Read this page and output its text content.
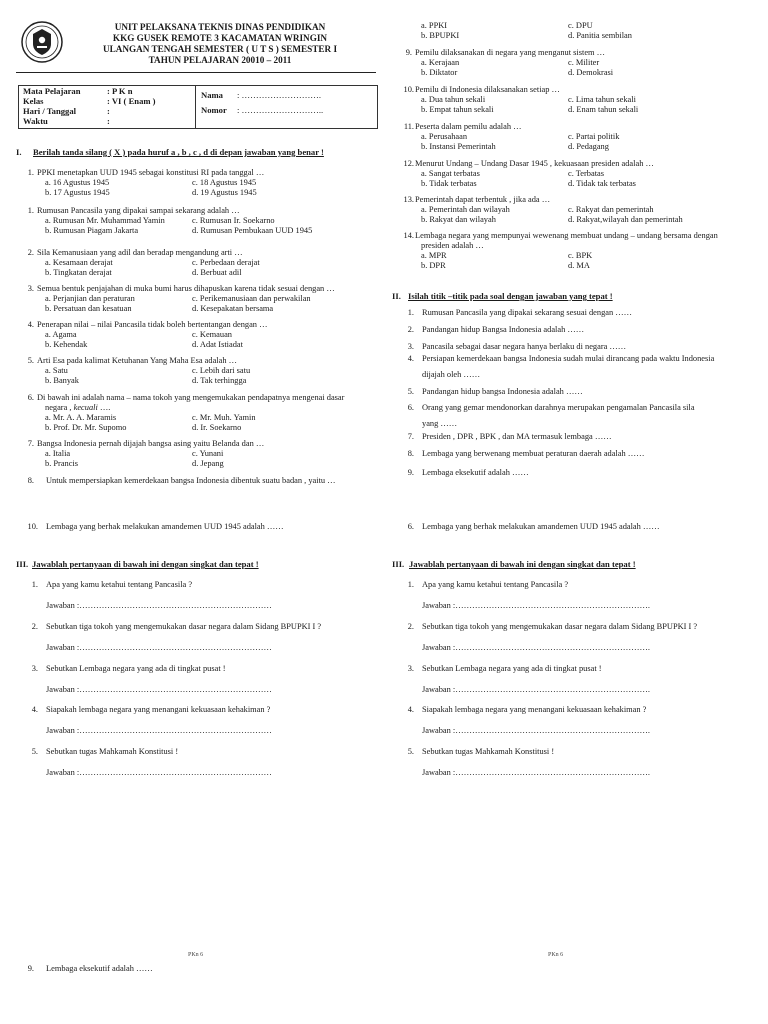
UNIT PELAKSANA TEKNIS DINAS PENDIDIKAN
KKG GUSEK REMOTE 3 KACAMATAN WRINGIN
ULANGAN TENGAH SEMESTER ( U T S ) SEMESTER I
TAHUN PELAJARAN 20010 – 2011
Mata Pelajaran	: P K n
Kelas	: VI ( Enam )
Hari / Tanggal	:
Waktu	:
Nama : ……………………….
Nomor : ………………………..
I. Berilah tanda silang ( X ) pada huruf a , b , c , d di depan jawaban yang benar !
1. PPKI menetapkan UUD 1945 sebagai konstitusi RI pada tanggal …
a. 16 Agustus 1945	c. 18 Agustus 1945
b. 17 Agustus 1945	d. 19 Agustus 1945
1. Rumusan Pancasila yang dipakai sampai sekarang adalah …
a. Rumusan Mr. Muhammad Yamin	c. Rumusan Ir. Soekarno
b. Rumusan Piagam Jakarta	d. Rumusan Pembukaan UUD 1945
2. Sila Kemanusiaan yang adil dan beradap mengandung arti …
a. Kesamaan derajat	c. Perbedaan derajat
b. Tingkatan derajat	d. Berbuat adil
3. Semua bentuk penjajahan di muka bumi harus dihapuskan karena tidak sesuai dengan …
a. Perjanjian dan peraturan	c. Perikemanusiaan dan perwakilan
b. Persatuan dan kesatuan	d. Kesepakatan bersama
4. Penerapan nilai – nilai Pancasila tidak boleh bertentangan dengan …
a. Agama	c. Kemauan
b. Kehendak	d. Adat Istiadat
5. Arti Esa pada kalimat Ketuhanan Yang Maha Esa adalah …
a. Satu	c. Lebih dari satu
b. Banyak	d. Tak terhingga
6. Di bawah ini adalah nama – nama tokoh yang mengemukakan pendapatnya mengenai dasar
negara , kecuali ….
a. Mr. A. A. Maramis	c. Mr. Muh. Yamin
b. Prof. Dr. Mr. Supomo	d. Ir. Soekarno
7. Bangsa Indonesia pernah dijajah bangsa asing yaitu Belanda dan …
a. Italia	c. Yunani
b. Prancis	d. Jepang
8. Untuk mempersiapkan kemerdekaan bangsa Indonesia dibentuk suatu badan , yaitu …
10. Lembaga yang berhak melakukan amandemen UUD 1945 adalah ……
III. Jawablah pertanyaan di bawah ini dengan singkat dan tepat !
1. Apa yang kamu ketahui tentang Pancasila ?
Jawaban :……………………………………………………………
2. Sebutkan tiga tokoh yang mengemukakan dasar negara dalam Sidang BPUPKI I ?
Jawaban :……………………………………………………………
3. Sebutkan Lembaga negara yang ada di tingkat pusat !
Jawaban :……………………………………………………………
4. Siapakah lembaga negara yang menangani kekuasaan kehakiman ?
Jawaban :……………………………………………………………
5. Sebutkan tugas Mahkamah Konstitusi !
Jawaban :……………………………………………………………
a. PPKI	c. DPU
b. BPUPKI	d. Panitia sembilan
9. Pemilu dilaksanakan di negara yang menganut sistem …
a. Kerajaan	c. Militer
b. Diktator	d. Demokrasi
10. Pemilu di Indonesia dilaksanakan setiap …
a. Dua tahun sekali	c. Lima tahun sekali
b. Empat tahun sekali	d. Enam tahun sekali
11. Peserta dalam pemilu adalah …
a. Perusahaan	c. Partai politik
b. Instansi Pemerintah	d. Pedagang
12. Menurut Undang – Undang Dasar 1945 , kekuasaan presiden adalah …
a. Sangat terbatas	c. Terbatas
b. Tidak terbatas	d. Tidak tak terbatas
13. Pemerintah dapat terbentuk , jika ada …
a. Pemerintah dan wilayah	c. Rakyat dan pemerintah
b. Rakyat dan wilayah	d. Rakyat,wilayah dan pemerintah
14. Lembaga negara yang mempunyai wewenang membuat undang – undang bersama dengan
presiden adalah …
a. MPR	c. BPK
b. DPR	d. MA
II. Isilah titik –titik pada soal dengan jawaban yang tepat !
1. Rumusan Pancasila yang dipakai sekarang sesuai dengan ……
2. Pandangan hidup Bangsa Indonesia adalah ……
3. Pancasila sebagai dasar negara hanya berlaku di negara ……
4. Persiapan kemerdekaan bangsa Indonesia sudah mulai dirancang pada waktu Indonesia
dijajah oleh ……
5. Pandangan hidup bangsa Indonesia adalah ……
6. Orang yang gemar mendonorkan darahnya merupakan pengamalan Pancasila sila
yang ……
7. Presiden , DPR , BPK , dan MA termasuk lembaga ……
8. Lembaga yang berwenang membuat peraturan daerah adalah ……
9. Lembaga eksekutif adalah ……
6. Lembaga yang berhak melakukan amandemen UUD 1945 adalah ……
III. Jawablah pertanyaan di bawah ini dengan singkat dan tepat !
1. Apa yang kamu ketahui tentang Pancasila ?
Jawaban :…………………………………………………………….
2. Sebutkan tiga tokoh yang mengemukakan dasar negara dalam Sidang BPUPKI I ?
Jawaban :…………………………………………………………….
3. Sebutkan Lembaga negara yang ada di tingkat pusat !
Jawaban :…………………………………………………………….
4. Siapakah lembaga negara yang menangani kekuasaan kehakiman ?
Jawaban :…………………………………………………………….
5. Sebutkan tugas Mahkamah Konstitusi !
Jawaban :…………………………………………………………….
PKn 6	PKn 6
9. Lembaga eksekutif adalah ……
